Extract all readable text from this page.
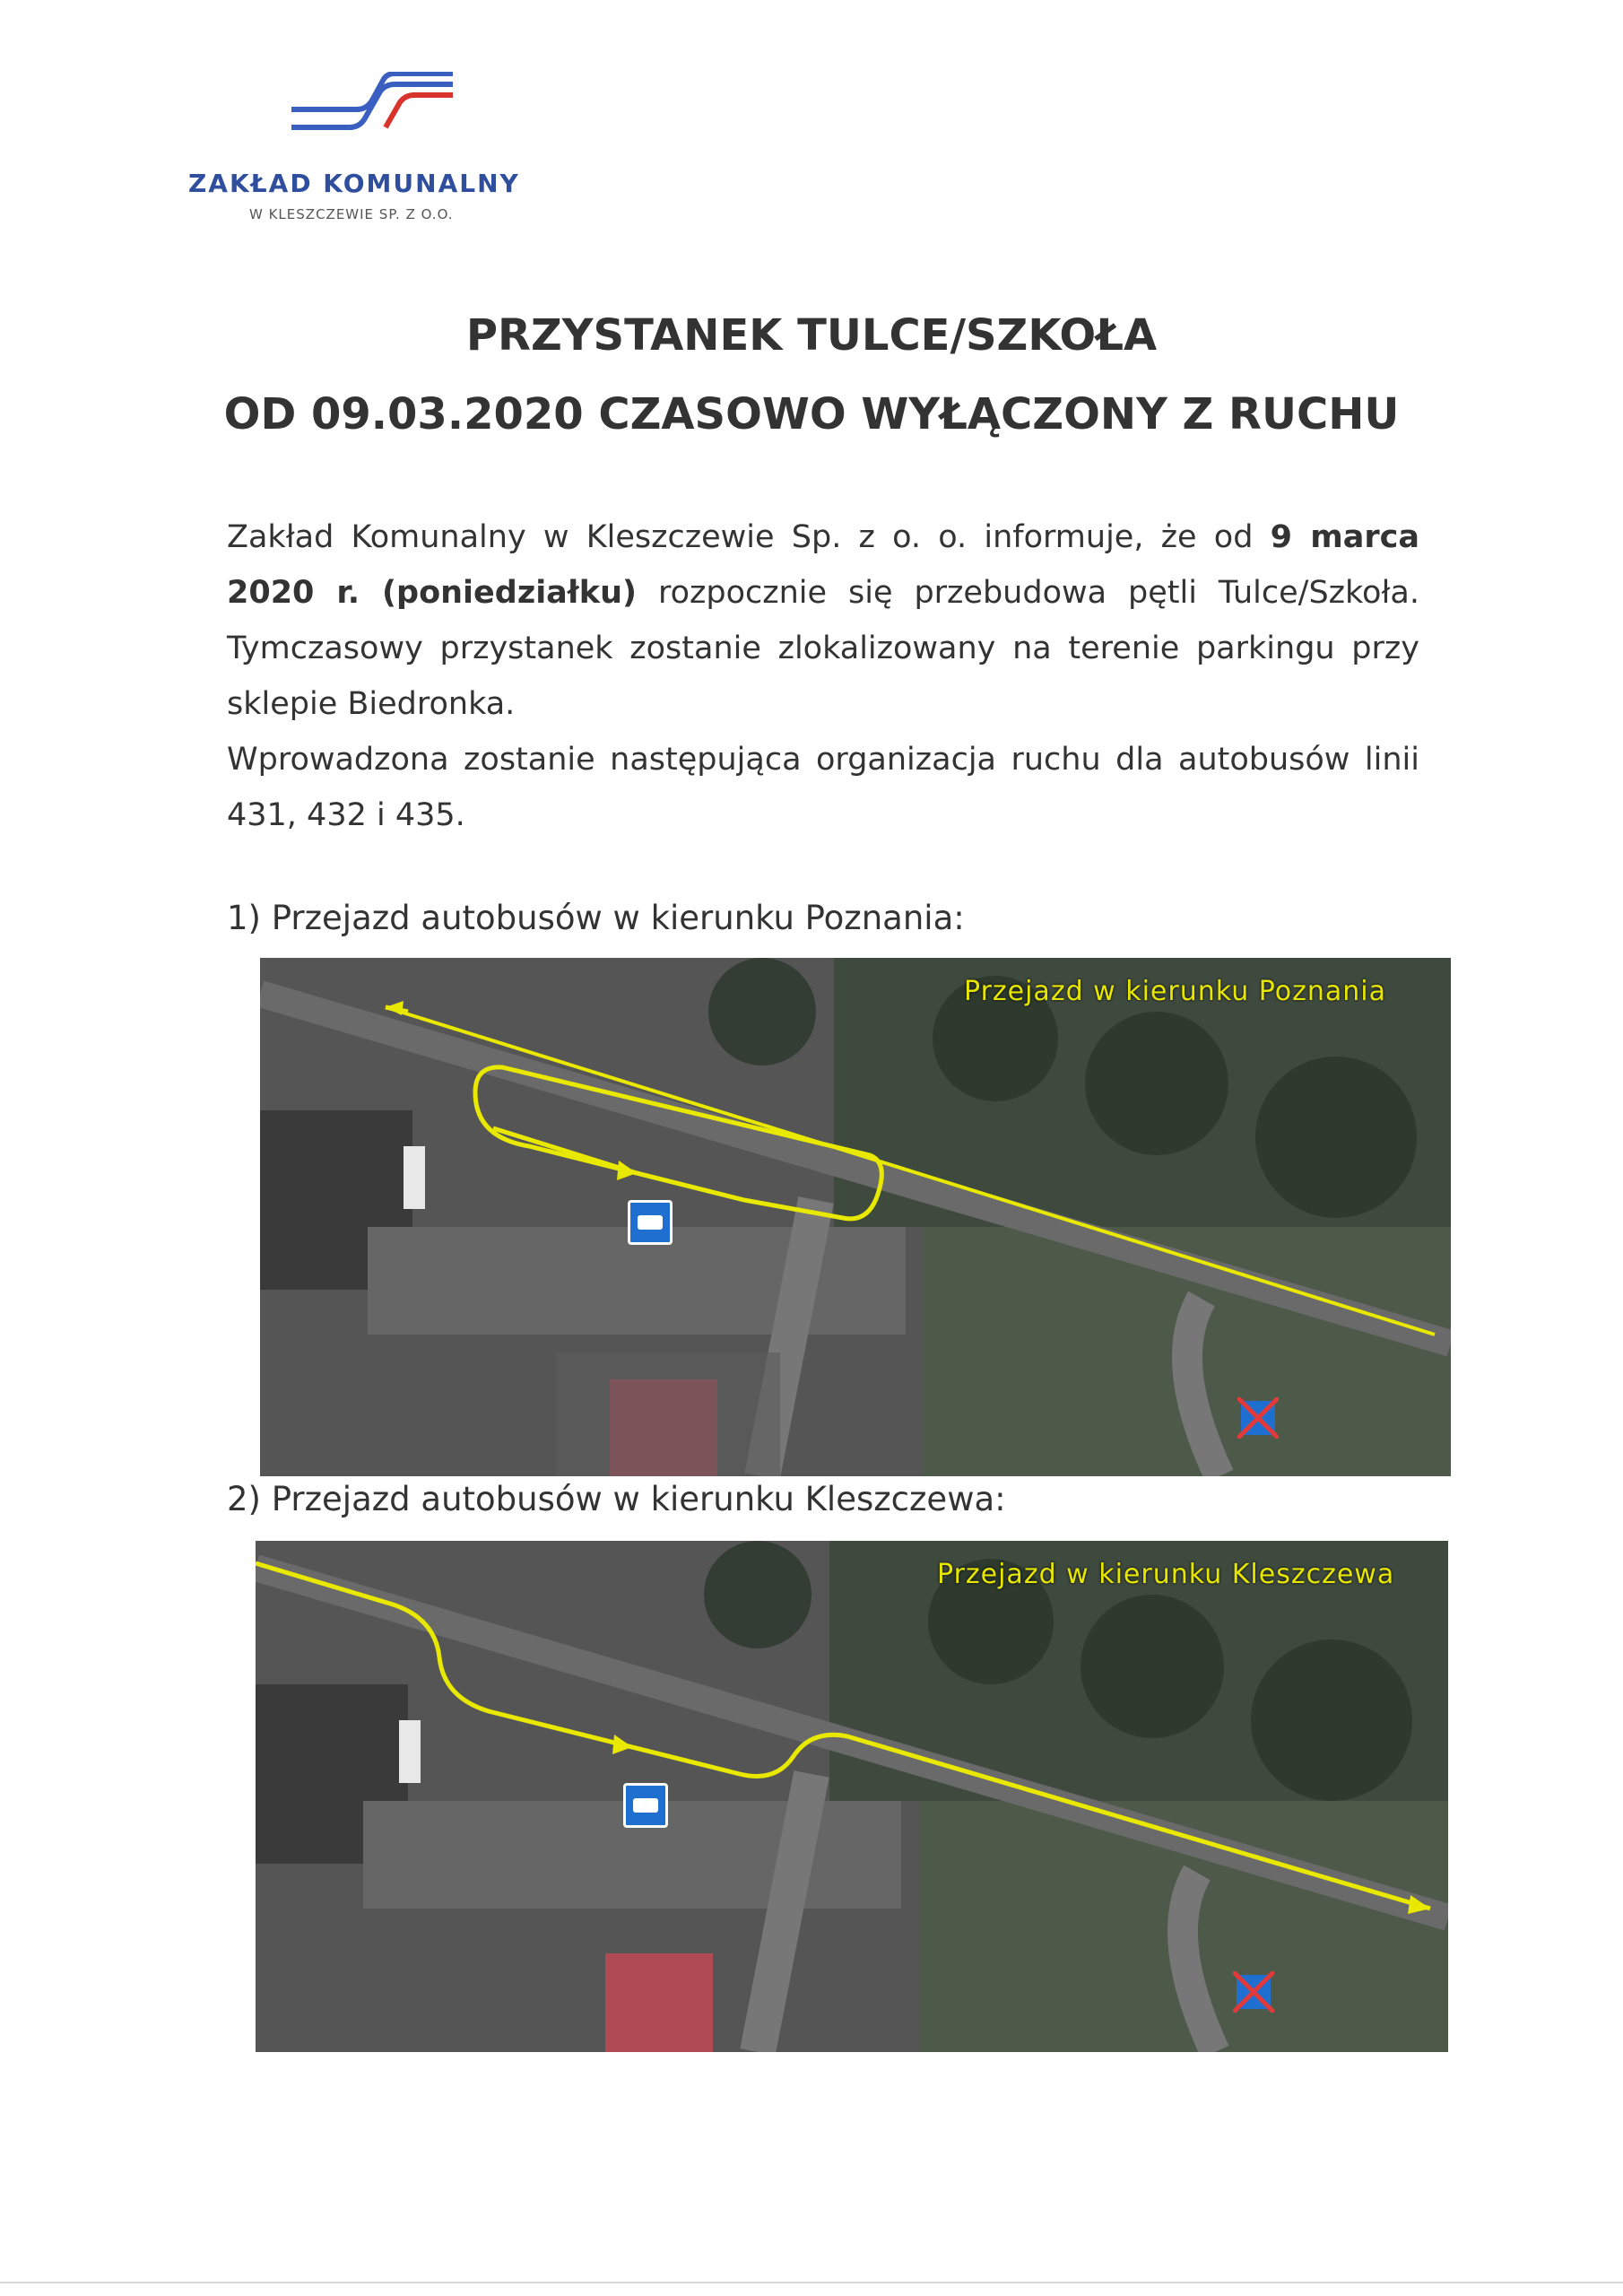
ZAKŁAD KOMUNALNY
W KLESZCZEWIE SP. Z O.O.
PRZYSTANEK TULCE/SZKOŁA
OD 09.03.2020 CZASOWO WYŁĄCZONY Z RUCHU

Zakład Komunalny w Kleszczewie Sp. z o. o. informuje, że od 9 marca 2020 r. (poniedziałku) rozpocznie się przebudowa pętli Tulce/Szkoła. Tymczasowy przystanek zostanie zlokalizowany na terenie parkingu przy sklepie Biedronka.

Wprowadzona zostanie następująca organizacja ruchu dla autobusów linii 431, 432 i 435.

1) Przejazd autobusów w kierunku Poznania:
Przejazd w kierunku Poznania
2) Przejazd autobusów w kierunku Kleszczewa:
Przejazd w kierunku Kleszczewa
